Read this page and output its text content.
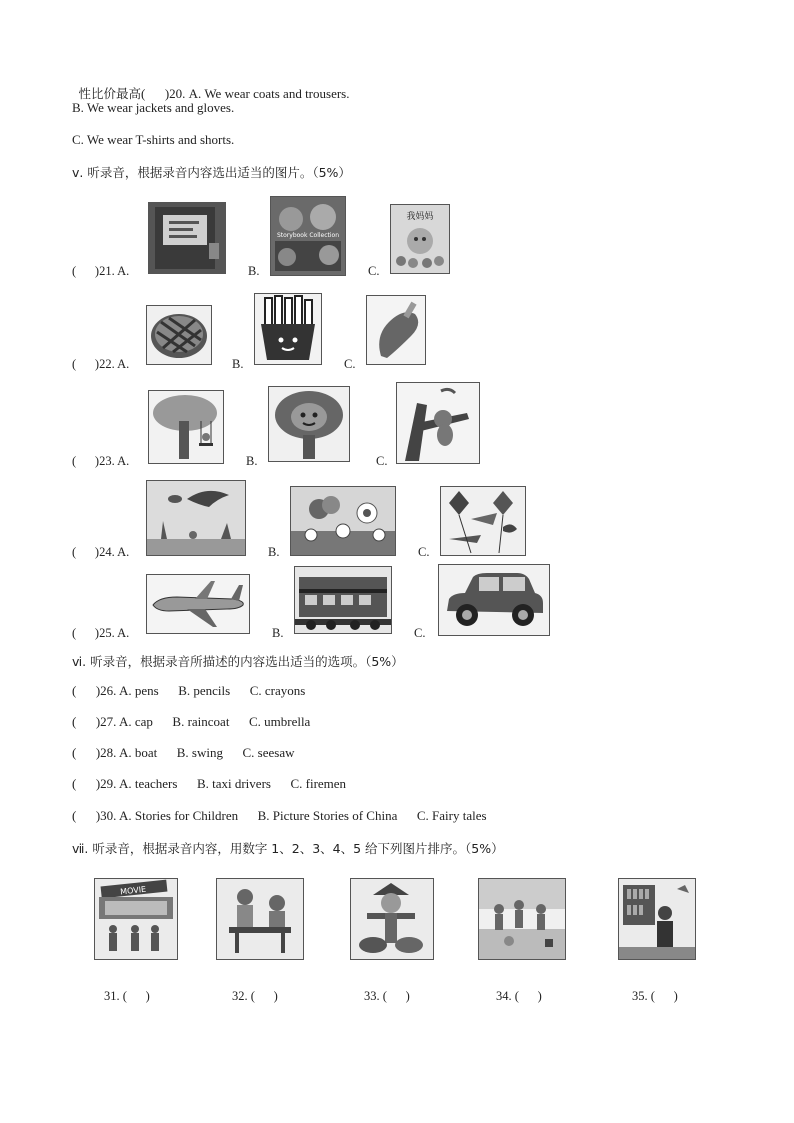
性比价最高(      )20. A. We wear coats and trousers.

B. We wear jackets and gloves.
C. We wear T-shirts and shorts.
ⅴ. 听录音，根据录音内容选出适当的图片。（5%）
(      )21. A.	B.
Storybook Collection
C.
我妈妈
(      )22. A.	B.	C.
(      )23. A.	B.	C.
(      )24. A.	B.	C.
(      )25. A.	B.	C.
ⅵ. 听录音，根据录音所描述的内容选出适当的选项。（5%）
(      )26. A. pens B. pencils C. crayons
(      )27. A. cap B. raincoat C. umbrella
(      )28. A. boat B. swing C. seesaw
(      )29. A. teachers B. taxi drivers C. firemen
(      )30. A. Stories for Children B. Picture Stories of China C. Fairy tales
ⅶ. 听录音，根据录音内容，用数字 1、2、3、4、5 给下列图片排序。（5%）
MOVIE
31. (      )	32. (      )	33. (      )	34. (      )	35. (      )
